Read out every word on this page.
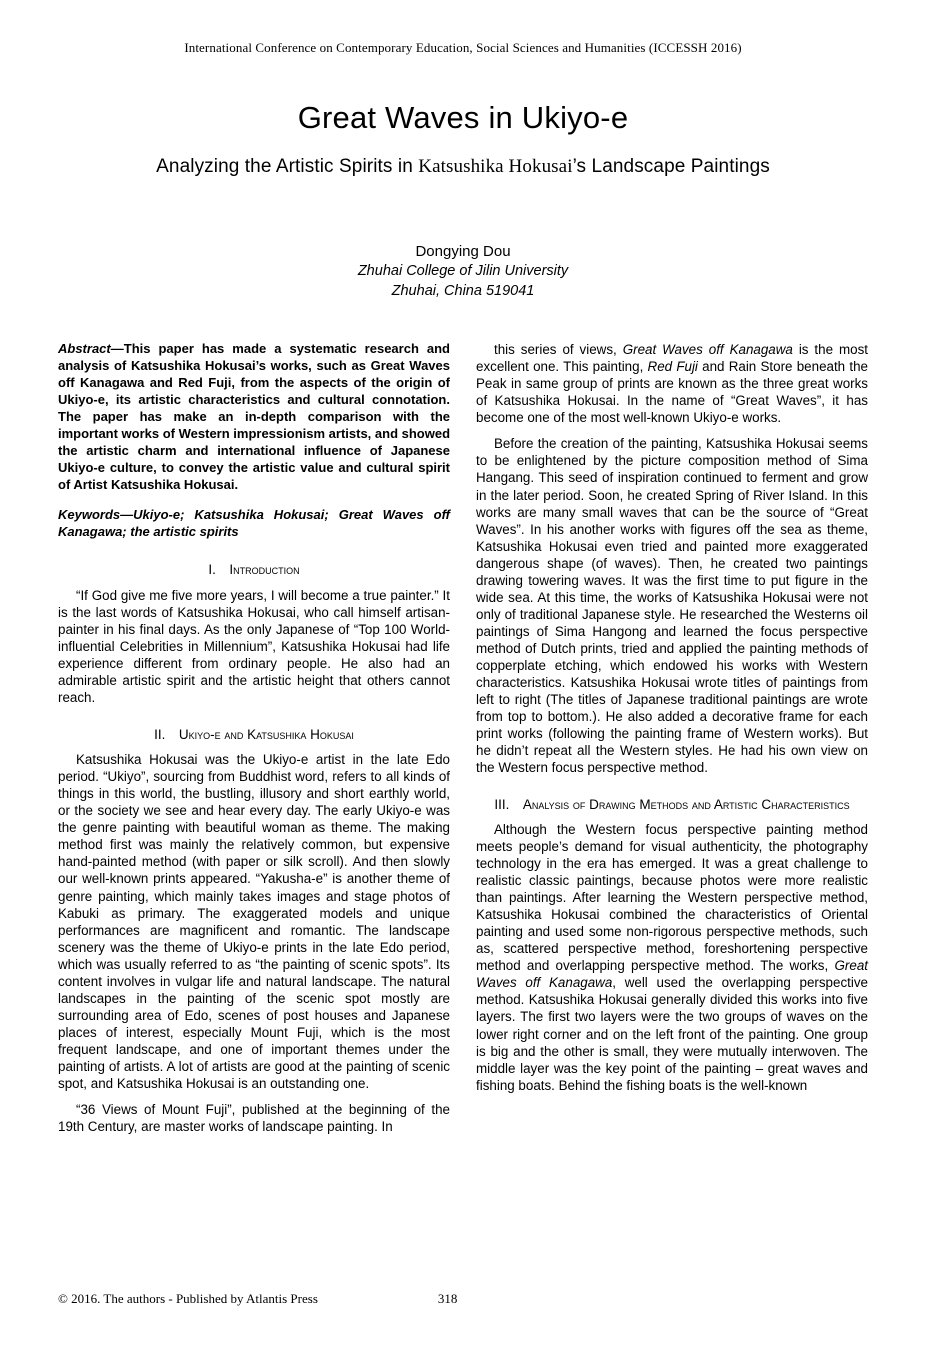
International Conference on Contemporary Education, Social Sciences and Humanities (ICCESSH 2016)
Great Waves in Ukiyo-e
Analyzing the Artistic Spirits in Katsushika Hokusai’s Landscape Paintings
Dongying Dou
Zhuhai College of Jilin University
Zhuhai, China 519041
Abstract—This paper has made a systematic research and analysis of Katsushika Hokusai’s works, such as Great Waves off Kanagawa and Red Fuji, from the aspects of the origin of Ukiyo-e, its artistic characteristics and cultural connotation. The paper has make an in-depth comparison with the important works of Western impressionism artists, and showed the artistic charm and international influence of Japanese Ukiyo-e culture, to convey the artistic value and cultural spirit of Artist Katsushika Hokusai.
Keywords—Ukiyo-e; Katsushika Hokusai; Great Waves off Kanagawa; the artistic spirits
I. Introduction

“If God give me five more years, I will become a true painter.” It is the last words of Katsushika Hokusai, who call himself artisan-painter in his final days. As the only Japanese of “Top 100 World-influential Celebrities in Millennium”, Katsushika Hokusai had life experience different from ordinary people. He also had an admirable artistic spirit and the artistic height that others cannot reach.

II. Ukiyo-e and Katsushika Hokusai

Katsushika Hokusai was the Ukiyo-e artist in the late Edo period. “Ukiyo”, sourcing from Buddhist word, refers to all kinds of things in this world, the bustling, illusory and short earthly world, or the society we see and hear every day. The early Ukiyo-e was the genre painting with beautiful woman as theme. The making method first was mainly the relatively common, but expensive hand-painted method (with paper or silk scroll). And then slowly our well-known prints appeared. “Yakusha-e” is another theme of genre painting, which mainly takes images and stage photos of Kabuki as primary. The exaggerated models and unique performances are magnificent and romantic. The landscape scenery was the theme of Ukiyo-e prints in the late Edo period, which was usually referred to as “the painting of scenic spots”. Its content involves in vulgar life and natural landscape. The natural landscapes in the painting of the scenic spot mostly are surrounding area of Edo, scenes of post houses and Japanese places of interest, especially Mount Fuji, which is the most frequent landscape, and one of important themes under the painting of artists. A lot of artists are good at the painting of scenic spot, and Katsushika Hokusai is an outstanding one.

“36 Views of Mount Fuji”, published at the beginning of the 19th Century, are master works of landscape painting. In

this series of views, Great Waves off Kanagawa is the most excellent one. This painting, Red Fuji and Rain Store beneath the Peak in same group of prints are known as the three great works of Katsushika Hokusai. In the name of “Great Waves”, it has become one of the most well-known Ukiyo-e works.

Before the creation of the painting, Katsushika Hokusai seems to be enlightened by the picture composition method of Sima Hangang. This seed of inspiration continued to ferment and grow in the later period. Soon, he created Spring of River Island. In this works are many small waves that can be the source of “Great Waves”. In his another works with figures off the sea as theme, Katsushika Hokusai even tried and painted more exaggerated dangerous shape (of waves). Then, he created two paintings drawing towering waves. It was the first time to put figure in the wide sea. At this time, the works of Katsushika Hokusai were not only of traditional Japanese style. He researched the Westerns oil paintings of Sima Hangong and learned the focus perspective method of Dutch prints, tried and applied the painting methods of copperplate etching, which endowed his works with Western characteristics. Katsushika Hokusai wrote titles of paintings from left to right (The titles of Japanese traditional paintings are wrote from top to bottom.). He also added a decorative frame for each print works (following the painting frame of Western works). But he didn’t repeat all the Western styles. He had his own view on the Western focus perspective method.

III. Analysis of Drawing Methods and Artistic Characteristics

Although the Western focus perspective painting method meets people’s demand for visual authenticity, the photography technology in the era has emerged. It was a great challenge to realistic classic paintings, because photos were more realistic than paintings. After learning the Western perspective method, Katsushika Hokusai combined the characteristics of Oriental painting and used some non-rigorous perspective methods, such as, scattered perspective method, foreshortening perspective method and overlapping perspective method. The works, Great Waves off Kanagawa, well used the overlapping perspective method. Katsushika Hokusai generally divided this works into five layers. The first two layers were the two groups of waves on the lower right corner and on the left front of the painting. One group is big and the other is small, they were mutually interwoven. The middle layer was the key point of the painting – great waves and fishing boats. Behind the fishing boats is the well-known

© 2016. The authors - Published by Atlantis Press	318
